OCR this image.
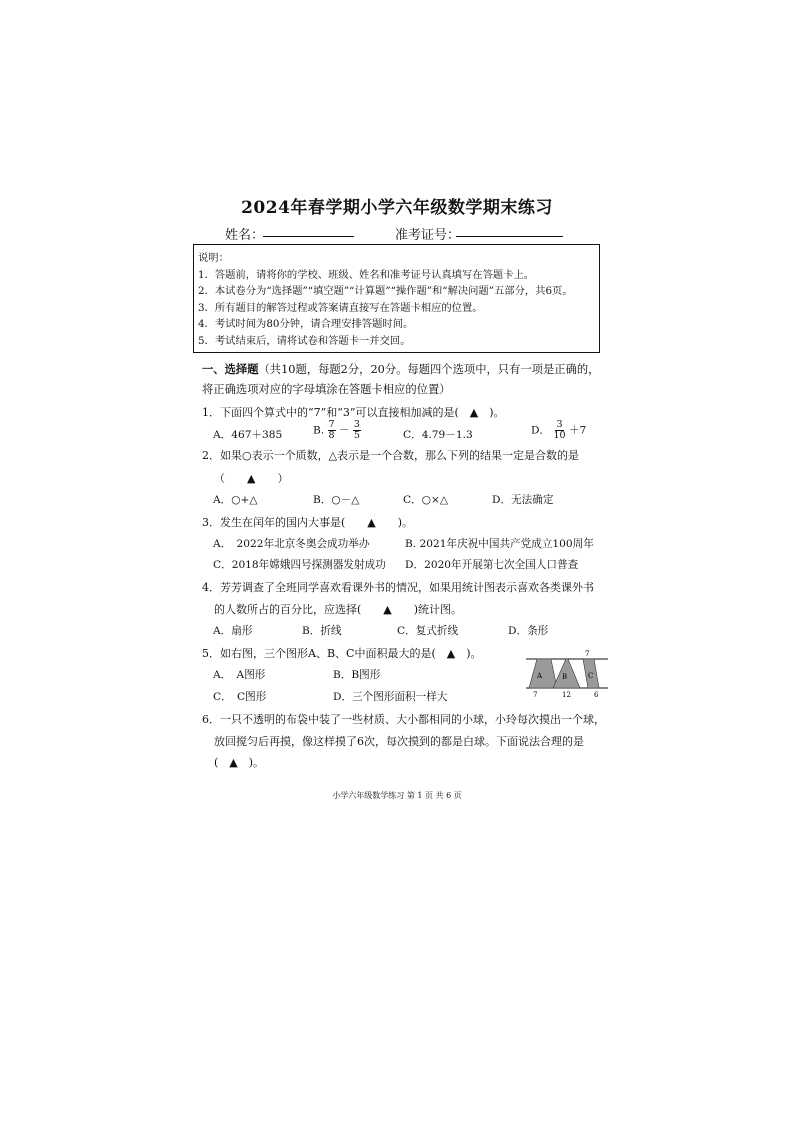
2024年春学期小学六年级数学期末练习
姓名：	准考证号：
说明：
1．答题前，请将你的学校、班级、姓名和准考证号认真填写在答题卡上。
2．本试卷分为“选择题”“填空题”“计算题”“操作题”和“解决问题”五部分，共6页。
3．所有题目的解答过程或答案请直接写在答题卡相应的位置。
4．考试时间为80分钟，请合理安排答题时间。
5．考试结束后，请将试卷和答题卡一并交回。
一、选择题（共10题，每题2分，20分。每题四个选项中，只有一项是正确的，
将正确选项对应的字母填涂在答题卡相应的位置）
1．下面四个算式中的“7”和“3”可以直接相加减的是(　▲　)。
A．467＋385	B. $\frac{7}{8} - \frac{3}{5}$	C．4.79－1.3	D． $\frac{3}{10} +7$
2．如果○表示一个质数，△表示是一个合数，那么下列的结果一定是合数的是
（　　▲　　）
A．○+△	B．○－△	C．○×△	D．无法确定
3．发生在闰年的国内大事是(　　▲　　)。
A．　2022年北京冬奥会成功举办	B. 2021年庆祝中国共产党成立100周年
C．2018年嫦娥四号探测器发射成功 D．2020年开展第七次全国人口普查
4．芳芳调查了全班同学喜欢看课外书的情况，如果用统计图表示喜欢各类课外书
的人数所占的百分比，应选择(　　▲　　)统计图。
A．扇形	B．折线	C．复式折线	D．条形
5．如右图，三个图形A、B、C中面积最大的是(　▲　)。
A．　A图形	B．B图形
C．　C图形	D．三个图形面积一样大
A	B	C
7
7	12	6
6．一只不透明的布袋中装了一些材质、大小都相同的小球，小玲每次摸出一个球，
放回搅匀后再摸，像这样摸了6次，每次摸到的都是白球。下面说法合理的是
(　▲　)。
小学六年级数学练习 第 1 页 共 6 页
